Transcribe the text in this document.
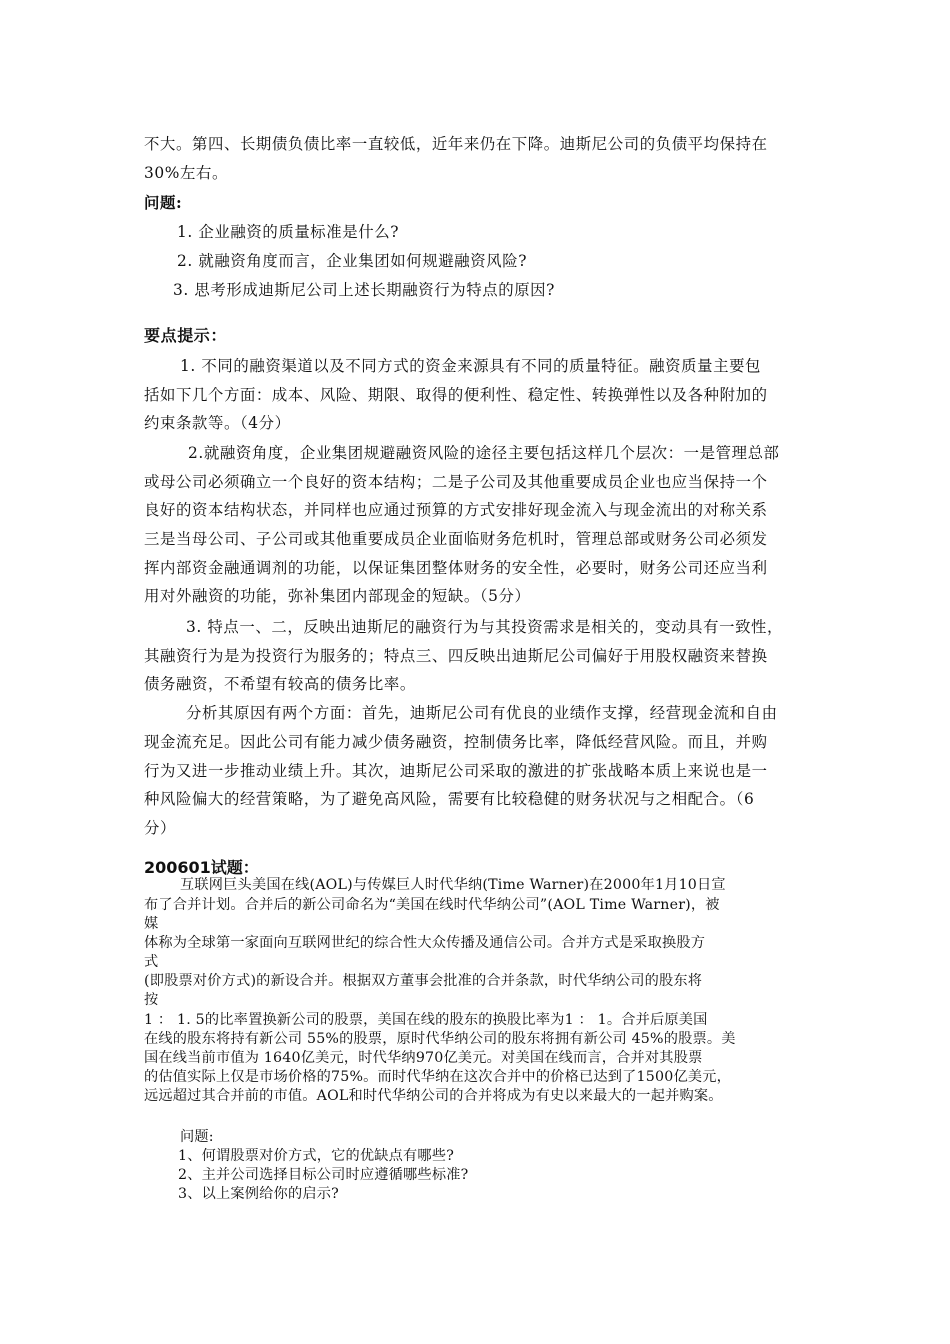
不大。第四、长期债负债比率一直较低，近年来仍在下降。迪斯尼公司的负债平均保持在
30%左右。
问题:
1. 企业融资的质量标准是什么?
2. 就融资角度而言，企业集团如何规避融资风险?
3. 思考形成迪斯尼公司上述长期融资行为特点的原因?
要点提示：
1. 不同的融资渠道以及不同方式的资金来源具有不同的质量特征。融资质量主要包
括如下几个方面：成本、风险、期限、取得的便利性、稳定性、转换弹性以及各种附加的
约束条款等。（4分）
2.就融资角度，企业集团规避融资风险的途径主要包括这样几个层次：一是管理总部
或母公司必须确立一个良好的资本结构；二是子公司及其他重要成员企业也应当保持一个
良好的资本结构状态，并同样也应通过预算的方式安排好现金流入与现金流出的对称关系
三是当母公司、子公司或其他重要成员企业面临财务危机时，管理总部或财务公司必须发
挥内部资金融通调剂的功能，以保证集团整体财务的安全性，必要时，财务公司还应当利
用对外融资的功能，弥补集团内部现金的短缺。（5分）
3. 特点一、二，反映出迪斯尼的融资行为与其投资需求是相关的，变动具有一致性，
其融资行为是为投资行为服务的；特点三、四反映出迪斯尼公司偏好于用股权融资来替换
债务融资，不希望有较高的债务比率。
分析其原因有两个方面：首先，迪斯尼公司有优良的业绩作支撑，经营现金流和自由
现金流充足。因此公司有能力减少债务融资，控制债务比率，降低经营风险。而且，并购
行为又进一步推动业绩上升。其次，迪斯尼公司采取的激进的扩张战略本质上来说也是一
种风险偏大的经营策略，为了避免高风险，需要有比较稳健的财务状况与之相配合。（6
分）
200601试题：
互联网巨头美国在线(AOL)与传媒巨人时代华纳(Time Warner)在2000年1月10日宣
布了合并计划。合并后的新公司命名为“美国在线时代华纳公司”(AOL Time Warner)，被
媒
体称为全球第一家面向互联网世纪的综合性大众传播及通信公司。合并方式是采取换股方
式
(即股票对价方式)的新设合并。根据双方董事会批准的合并条款，时代华纳公司的股东将
按
1 ： 1. 5的比率置换新公司的股票，美国在线的股东的换股比率为1 ： 1。合并后原美国
在线的股东将持有新公司 55%的股票，原时代华纳公司的股东将拥有新公司 45%的股票。美
国在线当前市值为 1640亿美元，时代华纳970亿美元。对美国在线而言，合并对其股票
的估值实际上仅是市场价格的75%。而时代华纳在这次合并中的价格已达到了1500亿美元，
远远超过其合并前的市值。AOL和时代华纳公司的合并将成为有史以来最大的一起并购案。
问题:
1、何谓股票对价方式，它的优缺点有哪些?
2、主并公司选择目标公司时应遵循哪些标准?
3、以上案例给你的启示?
